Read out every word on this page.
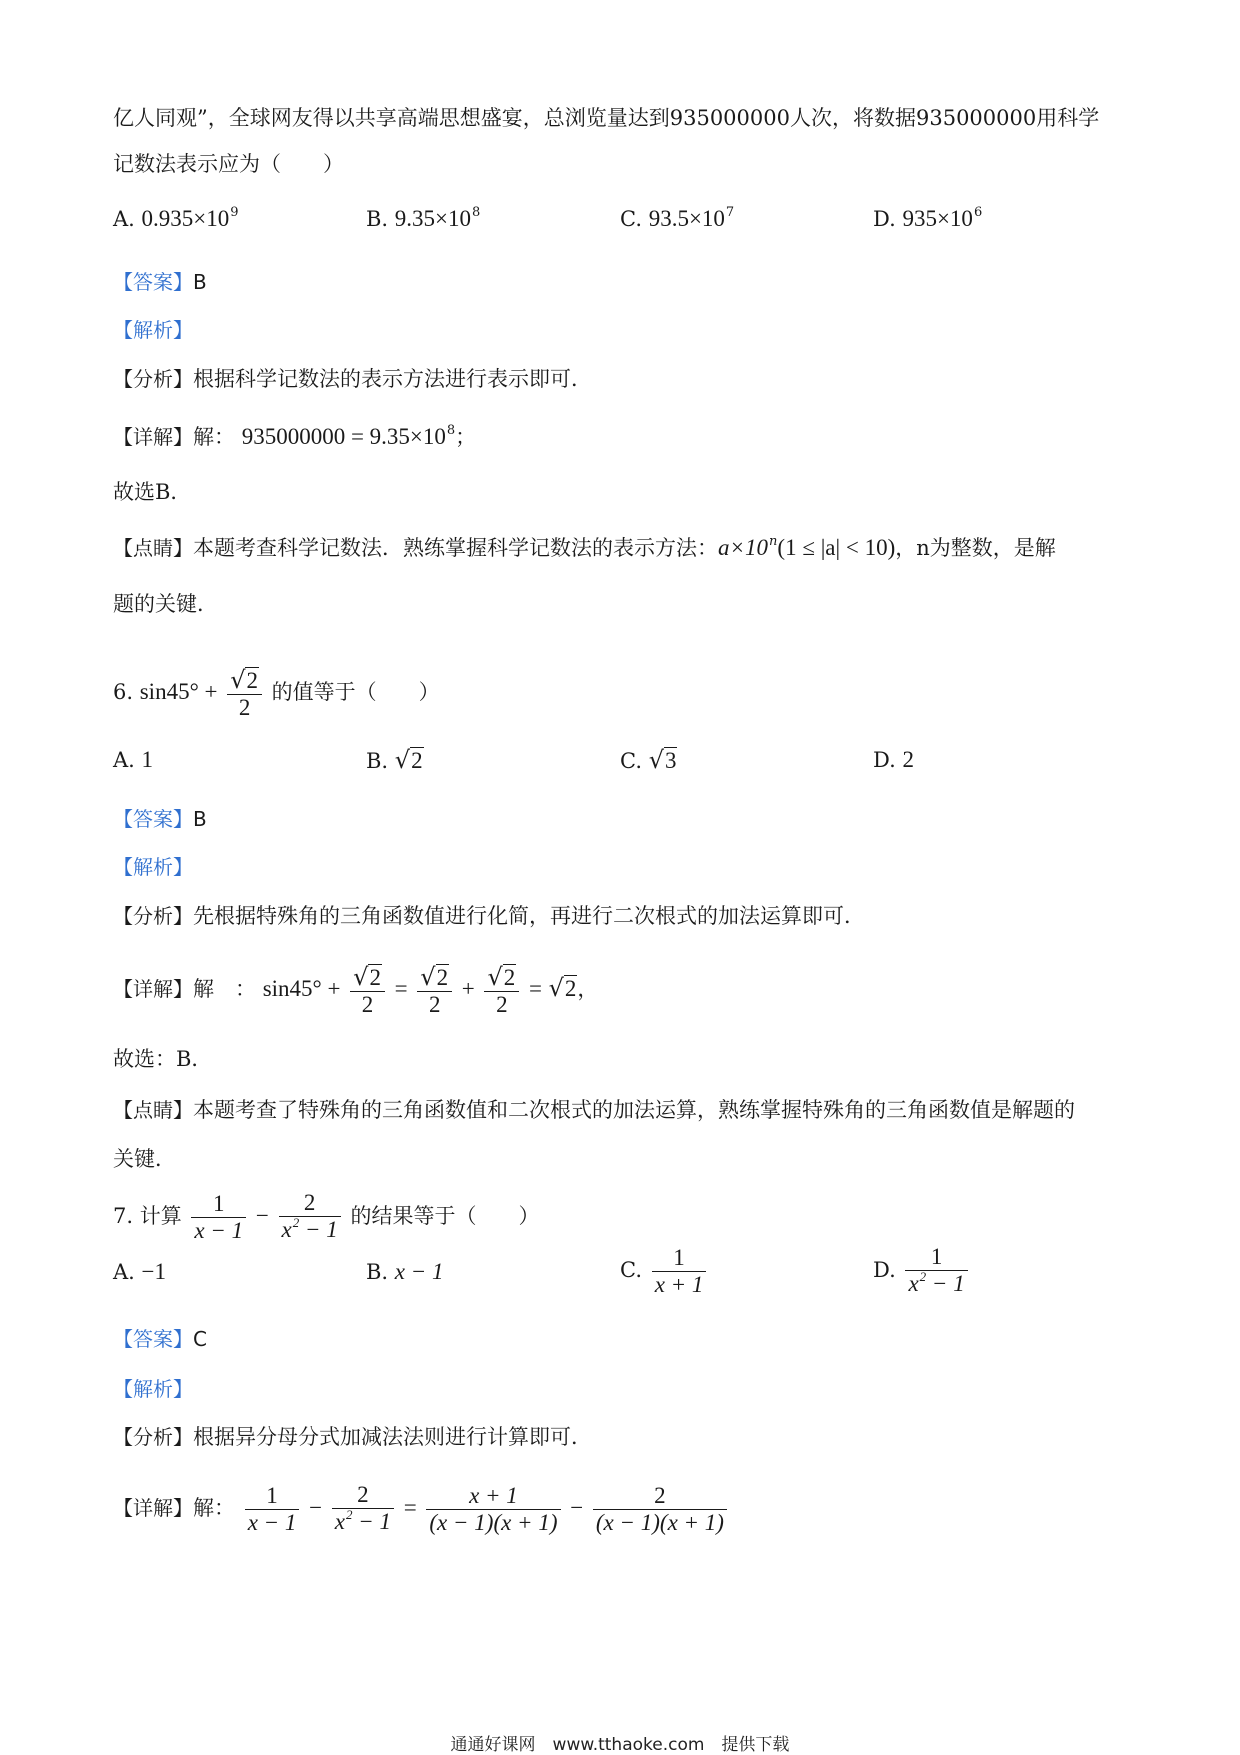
亿人同观”，全球网友得以共享高端思想盛宴，总浏览量达到935000000人次，将数据935000000用科学
记数法表示应为（　　）
A. $0.935\times 10^9$	B. $9.35\times 10^8$	C. $93.5\times 10^7$	D. $935\times 10^6$
【答案】B
【解析】
【分析】根据科学记数法的表示方法进行表示即可．
【详解】解： $935000000 = 9.35\times 10^8$；
故选B．
【点睛】本题考查科学记数法．熟练掌握科学记数法的表示方法：$a\times 10^n(1 \le |a| < 10)$，n为整数，是解
题的关键．
6. $\sin 45^\circ + \frac{√2}{2}$ 的值等于（　　）
A. 1	B. √2	C. √3	D. 2
【答案】B
【解析】
【分析】先根据特殊角的三角函数值进行化简，再进行二次根式的加法运算即可．
【详解】解　： $\sin 45^\circ + \frac{√2}{2} = \frac{√2}{2} + \frac{√2}{2} = √2$，
故选：B．
【点睛】本题考查了特殊角的三角函数值和二次根式的加法运算，熟练掌握特殊角的三角函数值是解题的
关键．
7. 计算 $\frac{1}{x - 1} - \frac{2}{x^2 - 1}$ 的结果等于（　　）
A. −1	B. x − 1	C. $\frac{1}{x + 1}$	D. $\frac{1}{x^2 - 1}$
【答案】C
【解析】
【分析】根据异分母分式加减法法则进行计算即可．
【详解】解： $\frac{1}{x - 1} - \frac{2}{x^2 - 1} = \frac{x + 1}{(x - 1)(x + 1)} - \frac{2}{(x - 1)(x + 1)}$
通通好课网　www.tthaoke.com　提供下载
